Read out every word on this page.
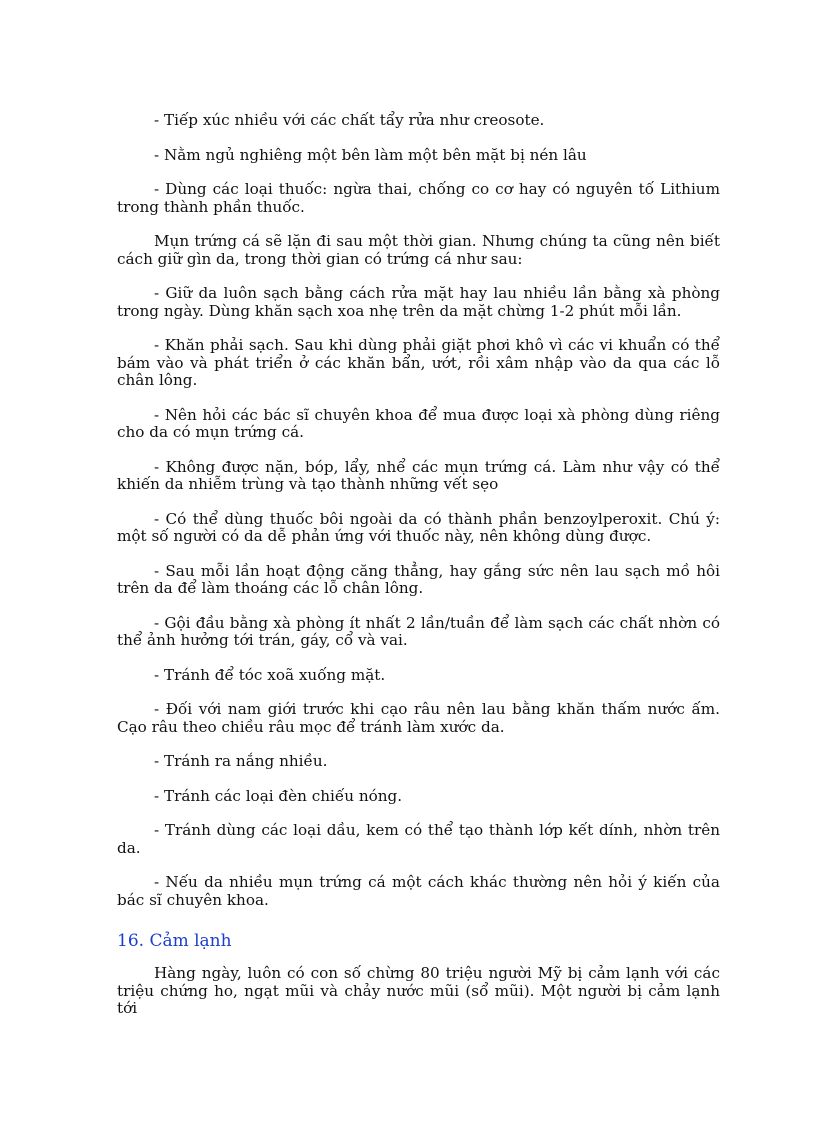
- Tiếp xúc nhiều với các chất tẩy rửa như creosote.

- Nằm ngủ nghiêng một bên làm một bên mặt bị nén lâu

- Dùng các loại thuốc: ngừa thai, chống co cơ hay có nguyên tố Lithium trong thành phần thuốc.

Mụn trứng cá sẽ lặn đi sau một thời gian. Nhưng chúng ta cũng nên biết cách giữ gìn da, trong thời gian có trứng cá như sau:

- Giữ da luôn sạch bằng cách rửa mặt hay lau nhiều lần bằng xà phòng trong ngày. Dùng khăn sạch xoa nhẹ trên da mặt chừng 1-2 phút mỗi lần.

- Khăn phải sạch. Sau khi dùng phải giặt phơi khô vì các vi khuẩn có thể bám vào và phát triển ở các khăn bẩn, ướt, rồi xâm nhập vào da qua các lỗ chân lông.

- Nên hỏi các bác sĩ chuyên khoa để mua được loại xà phòng dùng riêng cho da có mụn trứng cá.

- Không được nặn, bóp, lẩy, nhể các mụn trứng cá. Làm như vậy có thể khiến da nhiễm trùng và tạo thành những vết sẹo

- Có thể dùng thuốc bôi ngoài da có thành phần benzoylperoxit. Chú ý: một số người có da dễ phản ứng với thuốc này, nên không dùng được.

- Sau mỗi lần hoạt động căng thẳng, hay gắng sức nên lau sạch mồ hôi trên da để làm thoáng các lỗ chân lông.

- Gội đầu bằng xà phòng ít nhất 2 lần/tuần để làm sạch các chất nhờn có thể ảnh hưởng tới trán, gáy, cổ và vai.

- Tránh để tóc xoã xuống mặt.

- Đối với nam giới trước khi cạo râu nên lau bằng khăn thấm nước ấm. Cạo râu theo chiều râu mọc để tránh làm xước da.

- Tránh ra nắng nhiều.

- Tránh các loại đèn chiếu nóng.

- Tránh dùng các loại dầu, kem có thể tạo thành lớp kết dính, nhờn trên da.

- Nếu da nhiều mụn trứng cá một cách khác thường nên hỏi ý kiến của bác sĩ chuyên khoa.

16. Cảm lạnh

Hàng ngày, luôn có con số chừng 80 triệu người Mỹ bị cảm lạnh với các triệu chứng ho, ngạt mũi và chảy nước mũi (sổ mũi). Một người bị cảm lạnh tới
